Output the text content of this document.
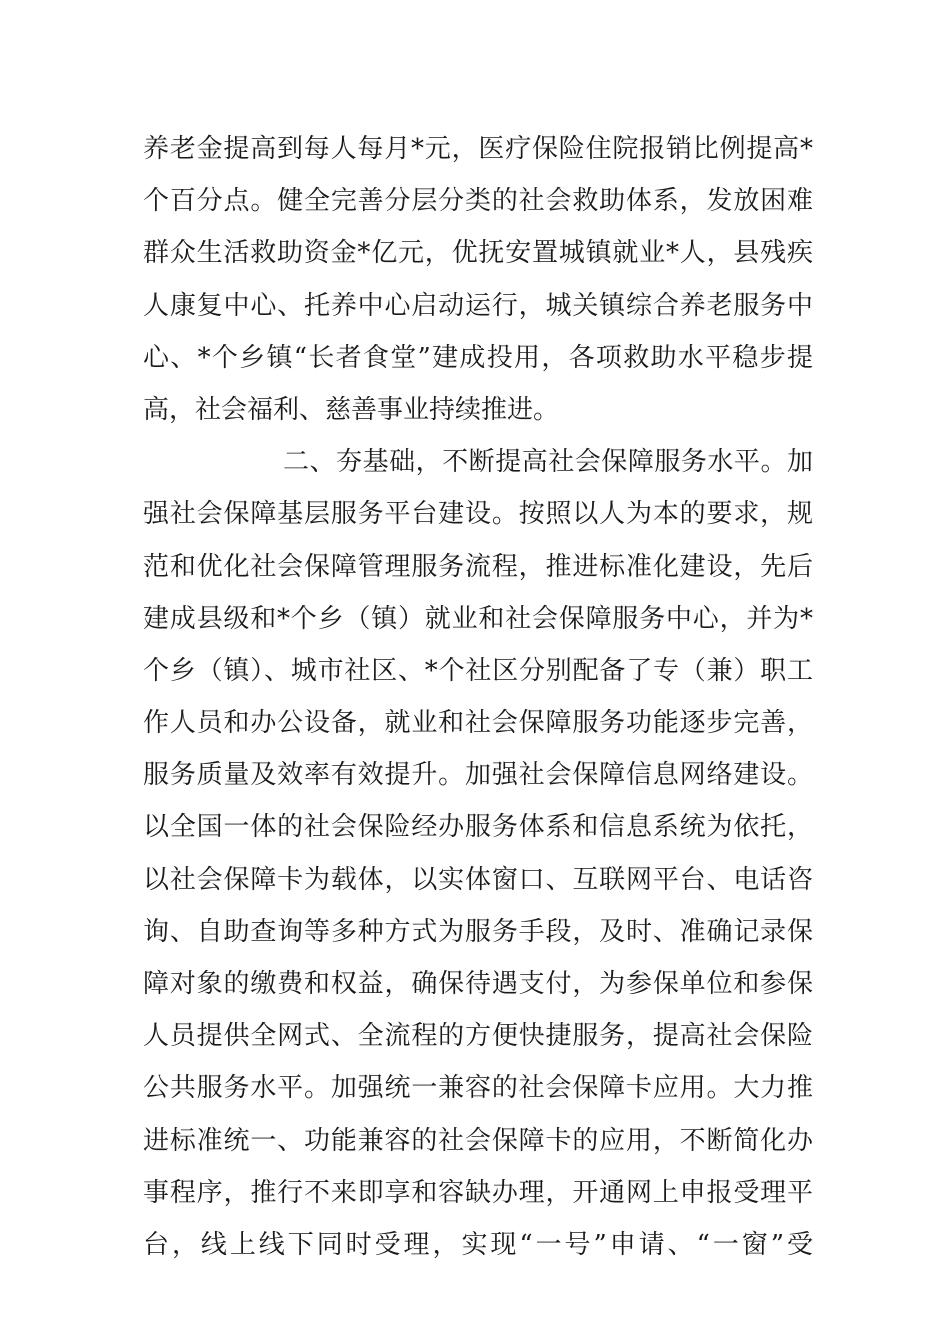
养老金提高到每人每月*元，医疗保险住院报销比例提高*
个百分点。健全完善分层分类的社会救助体系，发放困难
群众生活救助资金*亿元，优抚安置城镇就业*人，县残疾
人康复中心、托养中心启动运行，城关镇综合养老服务中
心、*个乡镇“长者食堂”建成投用，各项救助水平稳步提
高，社会福利、慈善事业持续推进。
二、夯基础，不断提高社会保障服务水平。加
强社会保障基层服务平台建设。按照以人为本的要求，规
范和优化社会保障管理服务流程，推进标准化建设，先后
建成县级和*个乡（镇）就业和社会保障服务中心，并为*
个乡（镇）、城市社区、*个社区分别配备了专（兼）职工
作人员和办公设备，就业和社会保障服务功能逐步完善，
服务质量及效率有效提升。加强社会保障信息网络建设。
以全国一体的社会保险经办服务体系和信息系统为依托，
以社会保障卡为载体，以实体窗口、互联网平台、电话咨
询、自助查询等多种方式为服务手段，及时、准确记录保
障对象的缴费和权益，确保待遇支付，为参保单位和参保
人员提供全网式、全流程的方便快捷服务，提高社会保险
公共服务水平。加强统一兼容的社会保障卡应用。大力推
进标准统一、功能兼容的社会保障卡的应用，不断简化办
事程序，推行不来即享和容缺办理，开通网上申报受理平
台，线上线下同时受理，实现“一号”申请、“一窗”受
